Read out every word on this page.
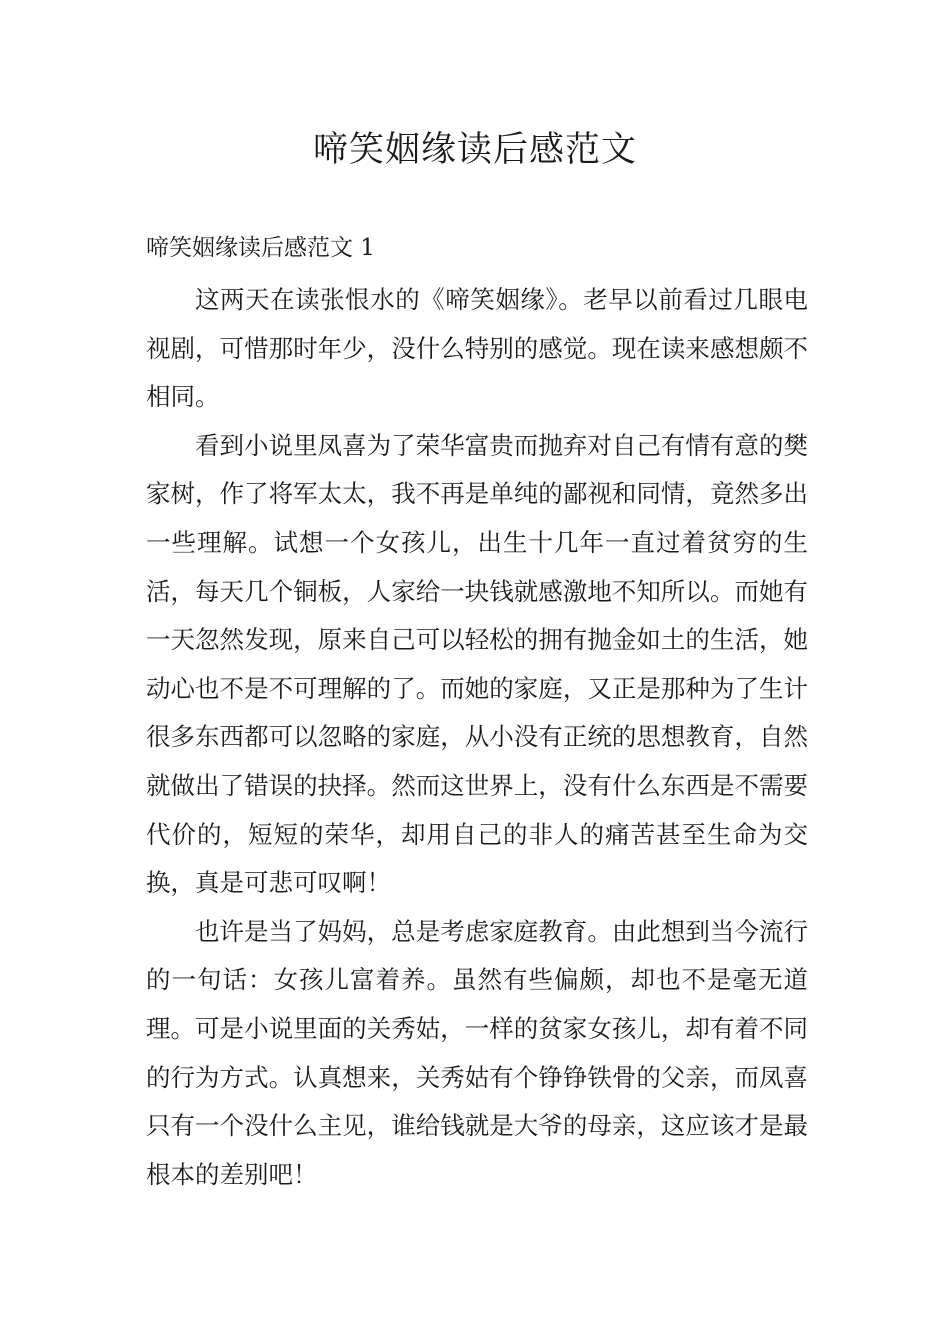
啼笑姻缘读后感范文
啼笑姻缘读后感范文 1

这两天在读张恨水的《啼笑姻缘》。老早以前看过几眼电视剧，可惜那时年少，没什么特别的感觉。现在读来感想颇不相同。

看到小说里凤喜为了荣华富贵而抛弃对自己有情有意的樊家树，作了将军太太，我不再是单纯的鄙视和同情，竟然多出一些理解。试想一个女孩儿，出生十几年一直过着贫穷的生活，每天几个铜板，人家给一块钱就感激地不知所以。而她有一天忽然发现，原来自己可以轻松的拥有抛金如土的生活，她动心也不是不可理解的了。而她的家庭，又正是那种为了生计很多东西都可以忽略的家庭，从小没有正统的思想教育，自然就做出了错误的抉择。然而这世界上，没有什么东西是不需要代价的，短短的荣华，却用自己的非人的痛苦甚至生命为交换，真是可悲可叹啊！

也许是当了妈妈，总是考虑家庭教育。由此想到当今流行的一句话：女孩儿富着养。虽然有些偏颇，却也不是毫无道理。可是小说里面的关秀姑，一样的贫家女孩儿，却有着不同的行为方式。认真想来，关秀姑有个铮铮铁骨的父亲，而凤喜只有一个没什么主见，谁给钱就是大爷的母亲，这应该才是最根本的差别吧！
